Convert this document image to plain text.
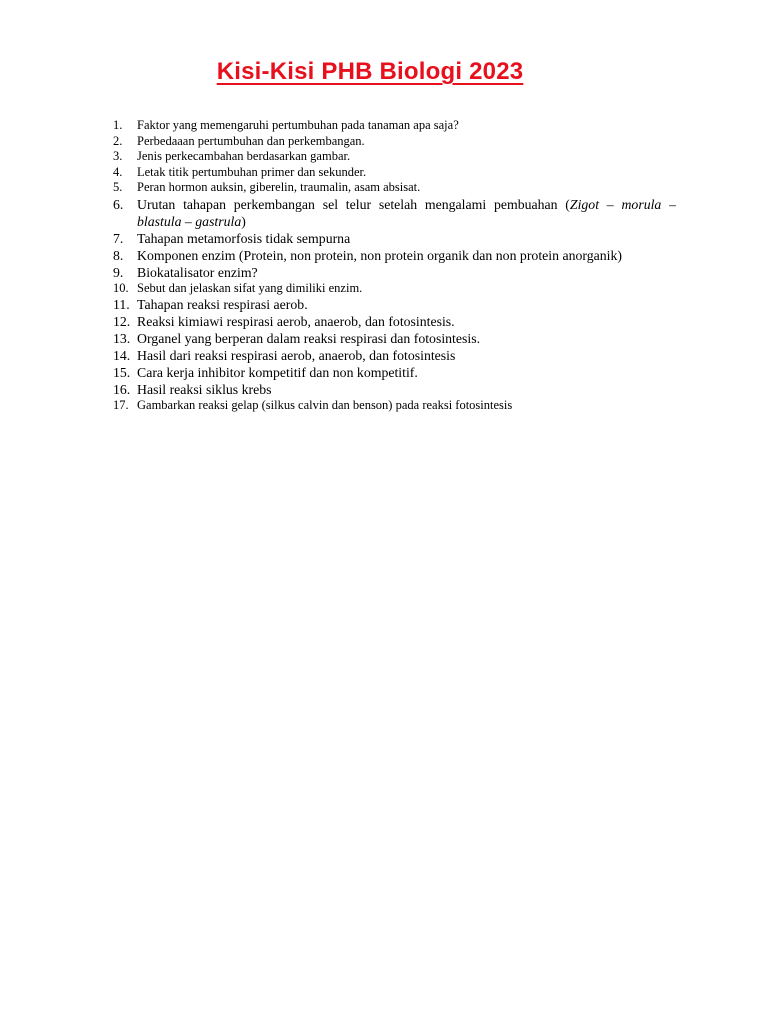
Kisi-Kisi PHB Biologi 2023
1.	Faktor yang memengaruhi pertumbuhan pada tanaman apa saja?
2.	Perbedaaan pertumbuhan dan perkembangan.
3.	Jenis perkecambahan berdasarkan gambar.
4.	Letak titik pertumbuhan primer dan sekunder.
5.	Peran hormon auksin, giberelin, traumalin, asam absisat.
6. Urutan tahapan perkembangan sel telur setelah mengalami pembuahan (Zigot – morula – blastula – gastrula)
7. Tahapan metamorfosis tidak sempurna
8. Komponen enzim (Protein, non protein, non protein organik dan non protein anorganik)
9. Biokatalisator enzim?
10. Sebut dan jelaskan sifat yang dimiliki enzim.
11. Tahapan reaksi respirasi aerob.
12. Reaksi kimiawi respirasi aerob, anaerob, dan fotosintesis.
13. Organel yang berperan dalam reaksi respirasi dan fotosintesis.
14. Hasil dari reaksi respirasi aerob, anaerob, dan fotosintesis
15. Cara kerja inhibitor kompetitif dan non kompetitif.
16. Hasil reaksi siklus krebs
17. Gambarkan reaksi gelap (silkus calvin dan benson) pada reaksi fotosintesis
